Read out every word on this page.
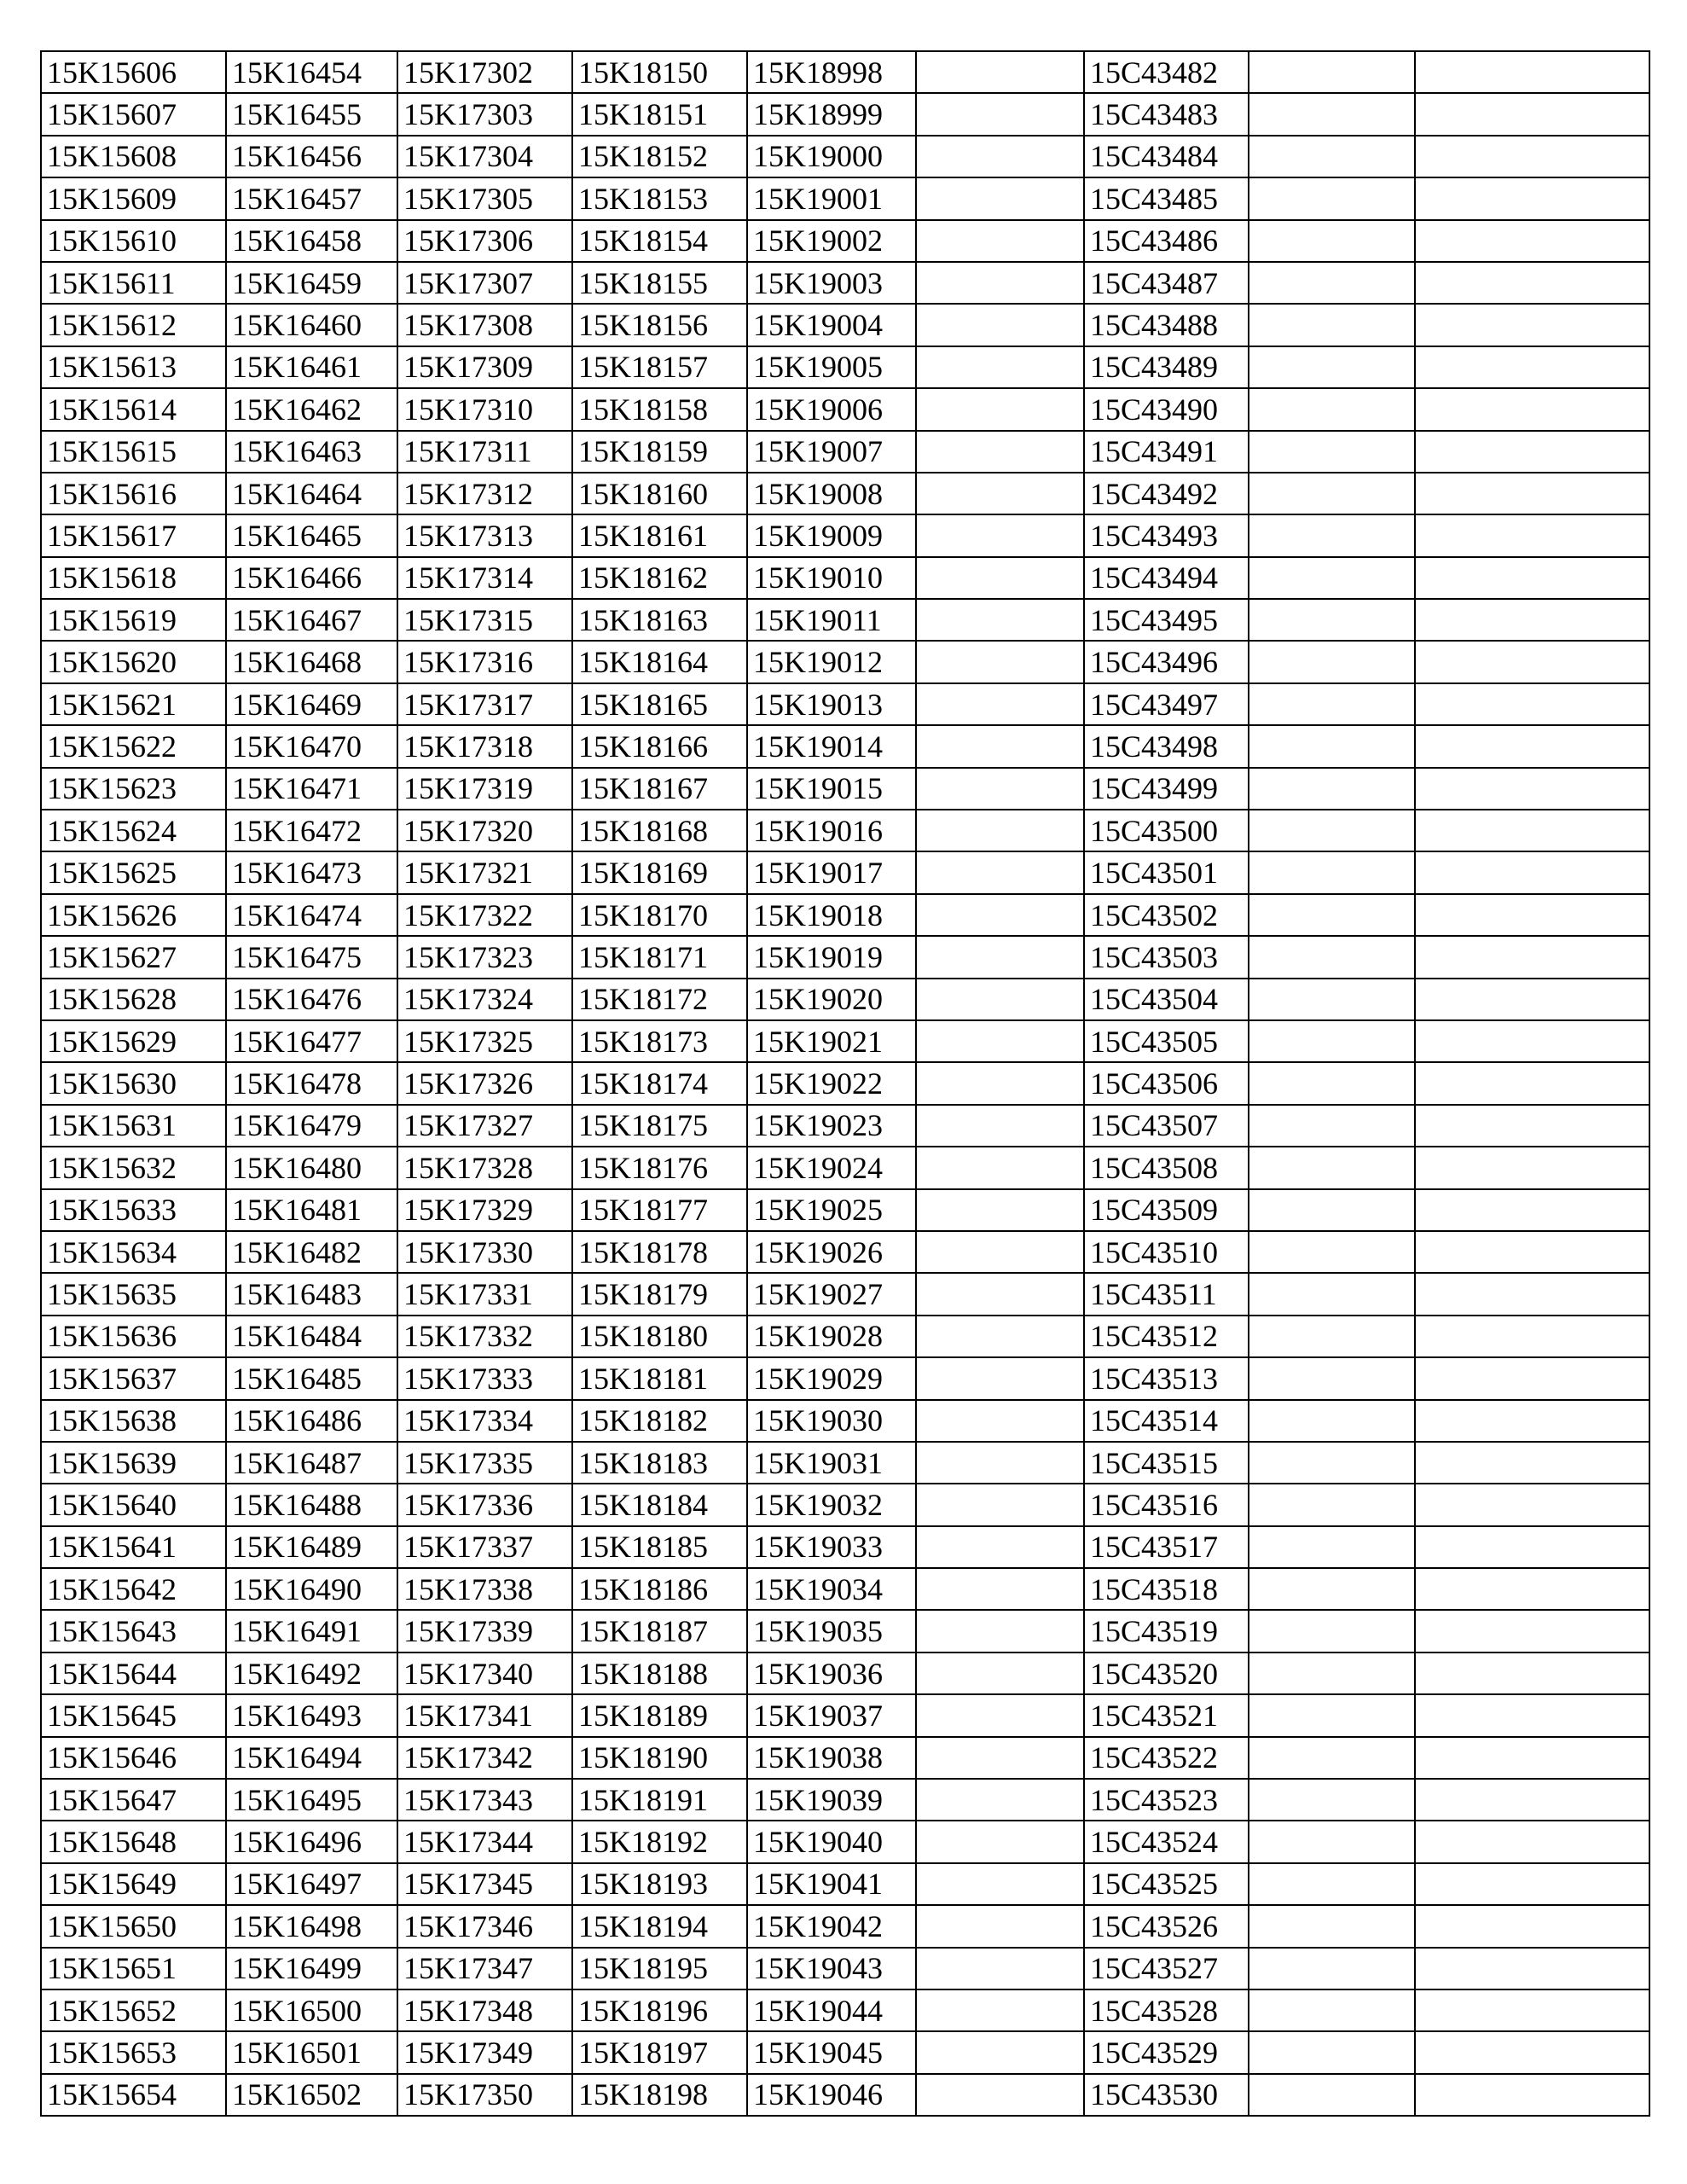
15K15606	15K16454	15K17302	15K18150	15K18998		15C43482		
15K15607	15K16455	15K17303	15K18151	15K18999		15C43483		
15K15608	15K16456	15K17304	15K18152	15K19000		15C43484		
15K15609	15K16457	15K17305	15K18153	15K19001		15C43485		
15K15610	15K16458	15K17306	15K18154	15K19002		15C43486		
15K15611	15K16459	15K17307	15K18155	15K19003		15C43487		
15K15612	15K16460	15K17308	15K18156	15K19004		15C43488		
15K15613	15K16461	15K17309	15K18157	15K19005		15C43489		
15K15614	15K16462	15K17310	15K18158	15K19006		15C43490		
15K15615	15K16463	15K17311	15K18159	15K19007		15C43491		
15K15616	15K16464	15K17312	15K18160	15K19008		15C43492		
15K15617	15K16465	15K17313	15K18161	15K19009		15C43493		
15K15618	15K16466	15K17314	15K18162	15K19010		15C43494		
15K15619	15K16467	15K17315	15K18163	15K19011		15C43495		
15K15620	15K16468	15K17316	15K18164	15K19012		15C43496		
15K15621	15K16469	15K17317	15K18165	15K19013		15C43497		
15K15622	15K16470	15K17318	15K18166	15K19014		15C43498		
15K15623	15K16471	15K17319	15K18167	15K19015		15C43499		
15K15624	15K16472	15K17320	15K18168	15K19016		15C43500		
15K15625	15K16473	15K17321	15K18169	15K19017		15C43501		
15K15626	15K16474	15K17322	15K18170	15K19018		15C43502		
15K15627	15K16475	15K17323	15K18171	15K19019		15C43503		
15K15628	15K16476	15K17324	15K18172	15K19020		15C43504		
15K15629	15K16477	15K17325	15K18173	15K19021		15C43505		
15K15630	15K16478	15K17326	15K18174	15K19022		15C43506		
15K15631	15K16479	15K17327	15K18175	15K19023		15C43507		
15K15632	15K16480	15K17328	15K18176	15K19024		15C43508		
15K15633	15K16481	15K17329	15K18177	15K19025		15C43509		
15K15634	15K16482	15K17330	15K18178	15K19026		15C43510		
15K15635	15K16483	15K17331	15K18179	15K19027		15C43511		
15K15636	15K16484	15K17332	15K18180	15K19028		15C43512		
15K15637	15K16485	15K17333	15K18181	15K19029		15C43513		
15K15638	15K16486	15K17334	15K18182	15K19030		15C43514		
15K15639	15K16487	15K17335	15K18183	15K19031		15C43515		
15K15640	15K16488	15K17336	15K18184	15K19032		15C43516		
15K15641	15K16489	15K17337	15K18185	15K19033		15C43517		
15K15642	15K16490	15K17338	15K18186	15K19034		15C43518		
15K15643	15K16491	15K17339	15K18187	15K19035		15C43519		
15K15644	15K16492	15K17340	15K18188	15K19036		15C43520		
15K15645	15K16493	15K17341	15K18189	15K19037		15C43521		
15K15646	15K16494	15K17342	15K18190	15K19038		15C43522		
15K15647	15K16495	15K17343	15K18191	15K19039		15C43523		
15K15648	15K16496	15K17344	15K18192	15K19040		15C43524		
15K15649	15K16497	15K17345	15K18193	15K19041		15C43525		
15K15650	15K16498	15K17346	15K18194	15K19042		15C43526		
15K15651	15K16499	15K17347	15K18195	15K19043		15C43527		
15K15652	15K16500	15K17348	15K18196	15K19044		15C43528		
15K15653	15K16501	15K17349	15K18197	15K19045		15C43529		
15K15654	15K16502	15K17350	15K18198	15K19046		15C43530		
